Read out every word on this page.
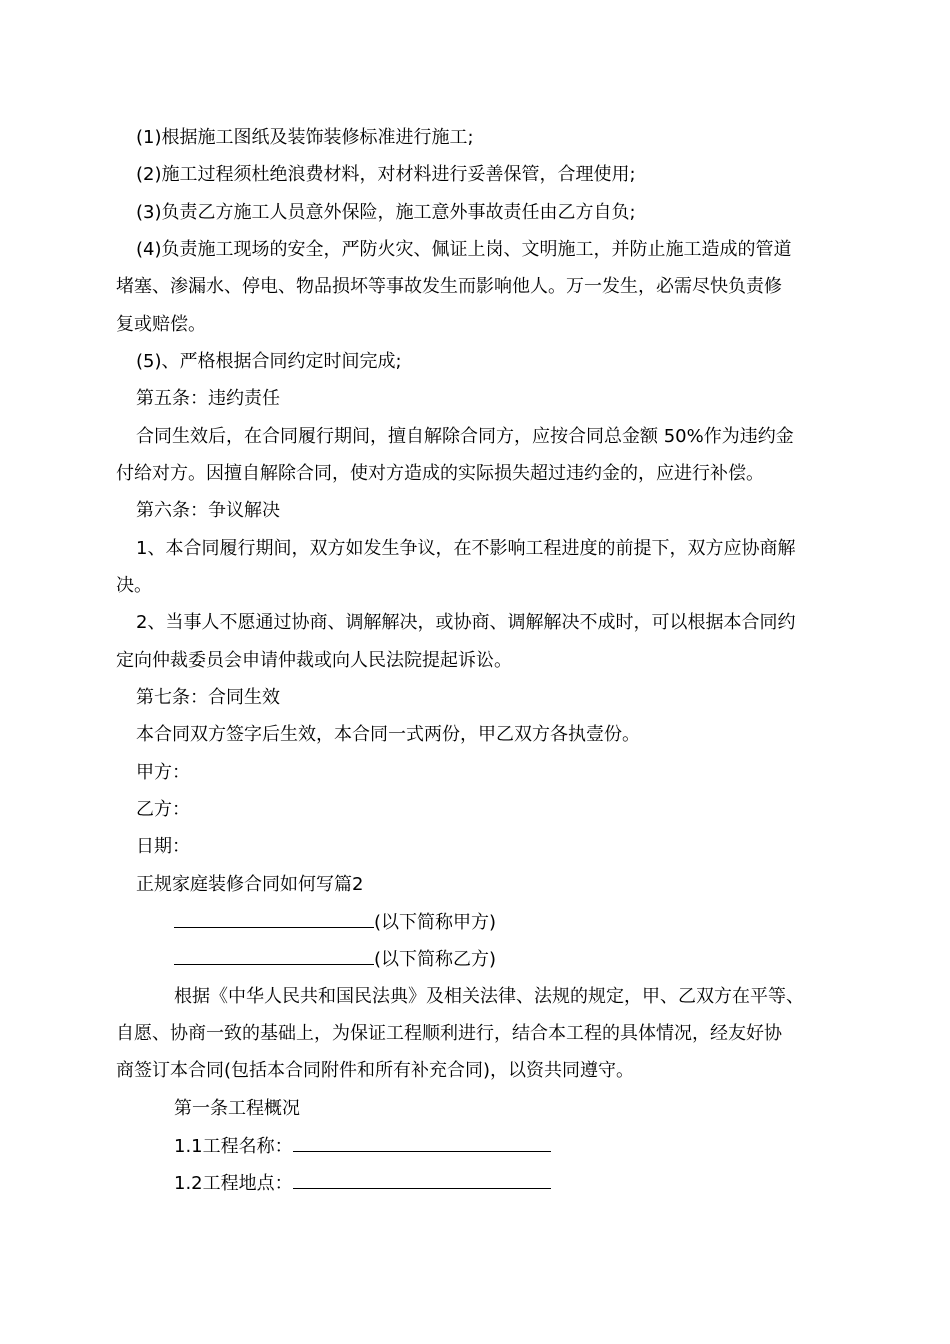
(1)根据施工图纸及装饰装修标准进行施工;
(2)施工过程须杜绝浪费材料，对材料进行妥善保管，合理使用;
(3)负责乙方施工人员意外保险，施工意外事故责任由乙方自负;
(4)负责施工现场的安全，严防火灾、佩证上岗、文明施工，并防止施工造成的管道
堵塞、渗漏水、停电、物品损坏等事故发生而影响他人。万一发生，必需尽快负责修
复或赔偿。
(5)、严格根据合同约定时间完成;
第五条：违约责任
合同生效后，在合同履行期间，擅自解除合同方，应按合同总金额 50%作为违约金
付给对方。因擅自解除合同，使对方造成的实际损失超过违约金的，应进行补偿。
第六条：争议解决
1、本合同履行期间，双方如发生争议，在不影响工程进度的前提下，双方应协商解
决。
2、当事人不愿通过协商、调解解决，或协商、调解解决不成时，可以根据本合同约
定向仲裁委员会申请仲裁或向人民法院提起诉讼。
第七条：合同生效
本合同双方签字后生效，本合同一式两份，甲乙双方各执壹份。
甲方：
乙方：
日期：
正规家庭装修合同如何写篇2
(以下简称甲方)
(以下简称乙方)
根据《中华人民共和国民法典》及相关法律、法规的规定，甲、乙双方在平等、
自愿、协商一致的基础上，为保证工程顺利进行，结合本工程的具体情况，经友好协
商签订本合同(包括本合同附件和所有补充合同)，以资共同遵守。
第一条工程概况
1.1工程名称：
1.2工程地点：
